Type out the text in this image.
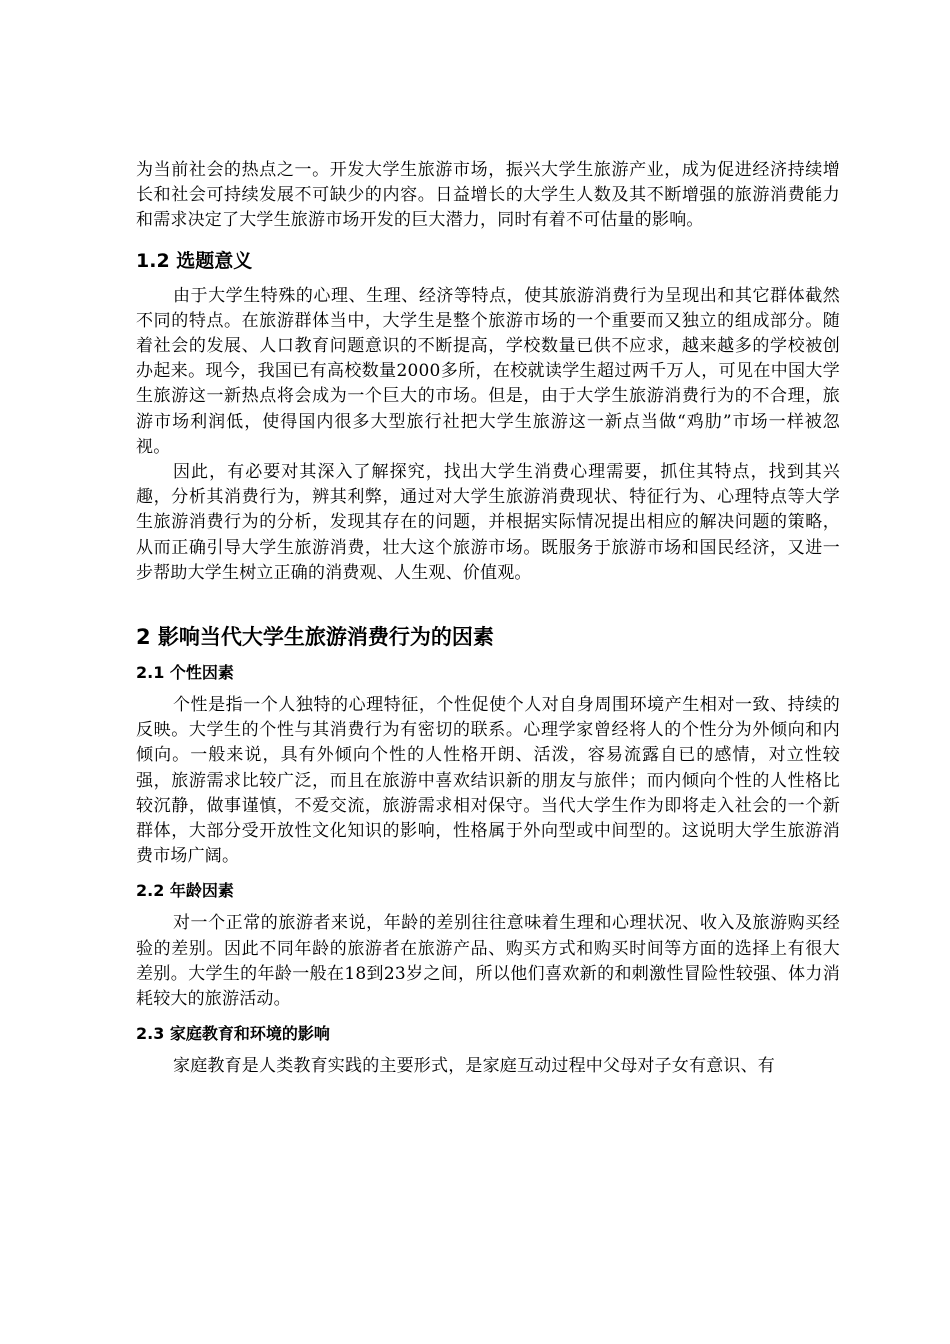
为当前社会的热点之一。开发大学生旅游市场，振兴大学生旅游产业，成为促进经济持续增长和社会可持续发展不可缺少的内容。日益增长的大学生人数及其不断增强的旅游消费能力和需求决定了大学生旅游市场开发的巨大潜力，同时有着不可估量的影响。

1.2 选题意义

由于大学生特殊的心理、生理、经济等特点，使其旅游消费行为呈现出和其它群体截然不同的特点。在旅游群体当中，大学生是整个旅游市场的一个重要而又独立的组成部分。随着社会的发展、人口教育问题意识的不断提高，学校数量已供不应求，越来越多的学校被创办起来。现今，我国已有高校数量2000多所，在校就读学生超过两千万人，可见在中国大学生旅游这一新热点将会成为一个巨大的市场。但是，由于大学生旅游消费行为的不合理，旅游市场利润低，使得国内很多大型旅行社把大学生旅游这一新点当做“鸡肋”市场一样被忽视。

因此，有必要对其深入了解探究，找出大学生消费心理需要，抓住其特点，找到其兴趣，分析其消费行为，辨其利弊，通过对大学生旅游消费现状、特征行为、心理特点等大学生旅游消费行为的分析，发现其存在的问题，并根据实际情况提出相应的解决问题的策略，从而正确引导大学生旅游消费，壮大这个旅游市场。既服务于旅游市场和国民经济，又进一步帮助大学生树立正确的消费观、人生观、价值观。

2 影响当代大学生旅游消费行为的因素
2.1 个性因素

个性是指一个人独特的心理特征，个性促使个人对自身周围环境产生相对一致、持续的反映。大学生的个性与其消费行为有密切的联系。心理学家曾经将人的个性分为外倾向和内倾向。一般来说，具有外倾向个性的人性格开朗、活泼，容易流露自已的感情，对立性较强，旅游需求比较广泛，而且在旅游中喜欢结识新的朋友与旅伴；而内倾向个性的人性格比较沉静，做事谨慎，不爱交流，旅游需求相对保守。当代大学生作为即将走入社会的一个新群体，大部分受开放性文化知识的影响，性格属于外向型或中间型的。这说明大学生旅游消费市场广阔。

2.2 年龄因素

对一个正常的旅游者来说，年龄的差别往往意味着生理和心理状况、收入及旅游购买经验的差别。因此不同年龄的旅游者在旅游产品、购买方式和购买时间等方面的选择上有很大差别。大学生的年龄一般在18到23岁之间，所以他们喜欢新的和刺激性冒险性较强、体力消耗较大的旅游活动。

2.3 家庭教育和环境的影响

家庭教育是人类教育实践的主要形式，是家庭互动过程中父母对子女有意识、有
